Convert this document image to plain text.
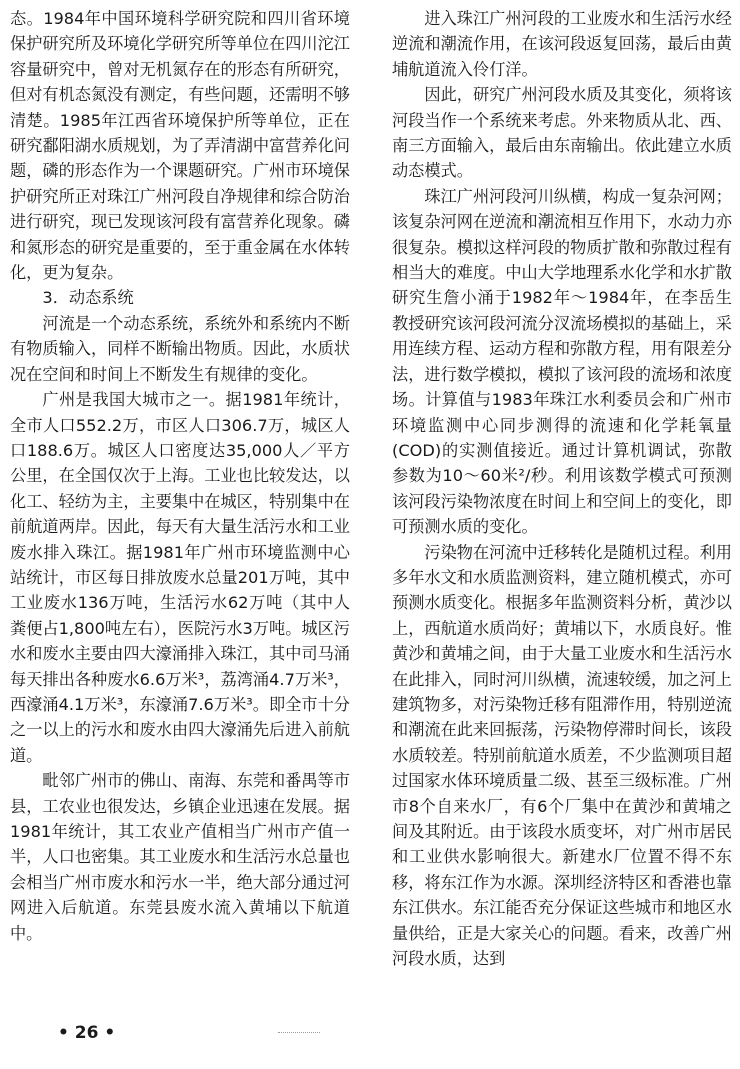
态。1984年中国环境科学研究院和四川省环境保护研究所及环境化学研究所等单位在四川沱江容量研究中，曾对无机氮存在的形态有所研究，但对有机态氮没有测定，有些问题，还需明不够清楚。1985年江西省环境保护所等单位，正在研究鄱阳湖水质规划，为了弄清湖中富营养化问题，磷的形态作为一个课题研究。广州市环境保护研究所正对珠江广州河段自净规律和综合防治进行研究，现已发现该河段有富营养化现象。磷和氮形态的研究是重要的，至于重金属在水体转化，更为复杂。

3．动态系统

河流是一个动态系统，系统外和系统内不断有物质输入，同样不断输出物质。因此，水质状况在空间和时间上不断发生有规律的变化。

广州是我国大城市之一。据1981年统计，全市人口552.2万，市区人口306.7万，城区人口188.6万。城区人口密度达35,000人／平方公里，在全国仅次于上海。工业也比较发达，以化工、轻纺为主，主要集中在城区，特别集中在前航道两岸。因此，每天有大量生活污水和工业废水排入珠江。据1981年广州市环境监测中心站统计，市区每日排放废水总量201万吨，其中工业废水136万吨，生活污水62万吨（其中人粪便占1,800吨左右），医院污水3万吨。城区污水和废水主要由四大濠涌排入珠江，其中司马涌每天排出各种废水6.6万米³，荔湾涌4.7万米³，西濠涌4.1万米³，东濠涌7.6万米³。即全市十分之一以上的污水和废水由四大濠涌先后进入前航道。

毗邻广州市的佛山、南海、东莞和番禺等市县，工农业也很发达，乡镇企业迅速在发展。据1981年统计，其工农业产值相当广州市产值一半，人口也密集。其工业废水和生活污水总量也会相当广州市废水和污水一半，绝大部分通过河网进入后航道。东莞县废水流入黄埔以下航道中。

进入珠江广州河段的工业废水和生活污水经逆流和潮流作用，在该河段返复回荡，最后由黄埔航道流入伶仃洋。

因此，研究广州河段水质及其变化，须将该河段当作一个系统来考虑。外来物质从北、西、南三方面输入，最后由东南输出。依此建立水质动态模式。

珠江广州河段河川纵横，构成一复杂河网；该复杂河网在逆流和潮流相互作用下，水动力亦很复杂。模拟这样河段的物质扩散和弥散过程有相当大的难度。中山大学地理系水化学和水扩散研究生詹小涌于1982年～1984年，在李岳生教授研究该河段河流分汊流场模拟的基础上，采用连续方程、运动方程和弥散方程，用有限差分法，进行数学模拟，模拟了该河段的流场和浓度场。计算值与1983年珠江水利委员会和广州市环境监测中心同步测得的流速和化学耗氧量(COD)的实测值接近。通过计算机调试，弥散参数为10～60米²/秒。利用该数学模式可预测该河段污染物浓度在时间上和空间上的变化，即可预测水质的变化。

污染物在河流中迁移转化是随机过程。利用多年水文和水质监测资料，建立随机模式，亦可预测水质变化。根据多年监测资料分析，黄沙以上，西航道水质尚好；黄埔以下，水质良好。惟黄沙和黄埔之间，由于大量工业废水和生活污水在此排入，同时河川纵横，流速较缓，加之河上建筑物多，对污染物迁移有阻滞作用，特别逆流和潮流在此来回振荡，污染物停滞时间长，该段水质较差。特别前航道水质差，不少监测项目超过国家水体环境质量二级、甚至三级标准。广州市8个自来水厂，有6个厂集中在黄沙和黄埔之间及其附近。由于该段水质变坏，对广州市居民和工业供水影响很大。新建水厂位置不得不东移，将东江作为水源。深圳经济特区和香港也靠东江供水。东江能否充分保证这些城市和地区水量供给，正是大家关心的问题。看来，改善广州河段水质，达到

• 26 •
